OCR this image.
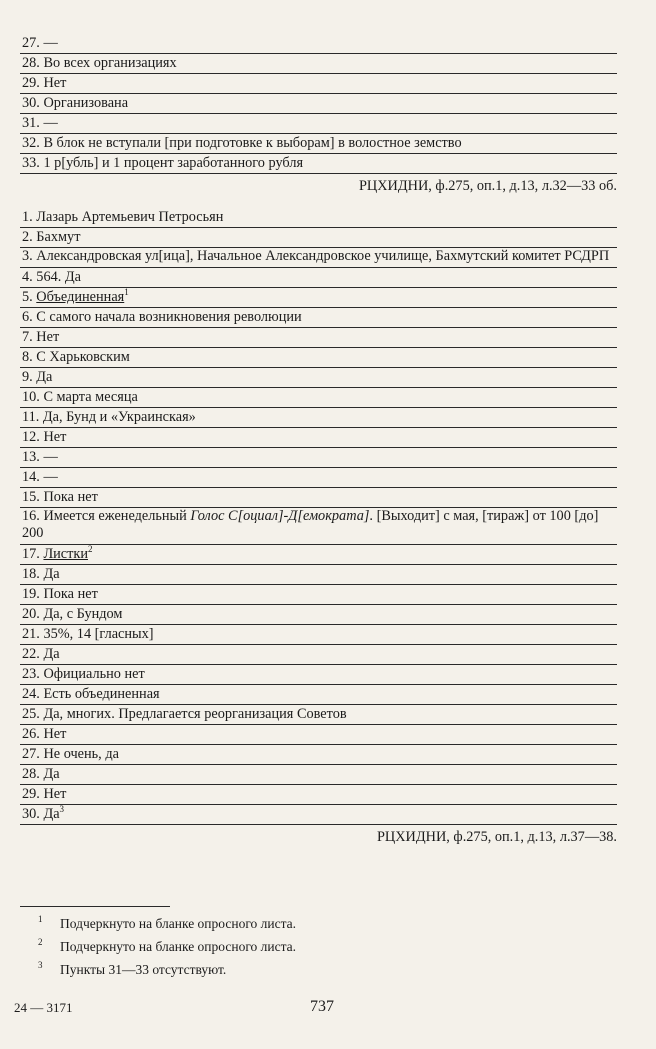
27. —
28. Во всех организациях
29. Нет
30. Организована
31. —
32. В блок не вступали [при подготовке к выборам] в волостное земство
33. 1 р[убль] и 1 процент заработанного рубля
РЦХИДНИ, ф.275, оп.1, д.13, л.32—33 об.
1. Лазарь Артемьевич Петросьян
2. Бахмут
3. Александровская ул[ица], Начальное Александровское училище, Бахмутский комитет РСДРП
4. 564. Да
5. Объединенная$^1$
6. С самого начала возникновения революции
7. Нет
8. С Харьковским
9. Да
10. С марта месяца
11. Да, Бунд и «Украинская»
12. Нет
13. —
14. —
15. Пока нет
16. Имеется еженедельный Голос С[оциал]-Д[емократа]. [Выходит] с мая, [тираж] от 100 [до] 200
17. Листки$^2$
18. Да
19. Пока нет
20. Да, с Бундом
21. 35%, 14 [гласных]
22. Да
23. Официально нет
24. Есть объединенная
25. Да, многих. Предлагается реорганизация Советов
26. Нет
27. Не очень, да
28. Да
29. Нет
30. $Да^3$
РЦХИДНИ, ф.275, оп.1, д.13, л.37—38.
$^1$ Подчеркнуто на бланке опросного листа.
$^2$ Подчеркнуто на бланке опросного листа.
$^3$ Пункты 31—33 отсутствуют.
24 — 3171	737
